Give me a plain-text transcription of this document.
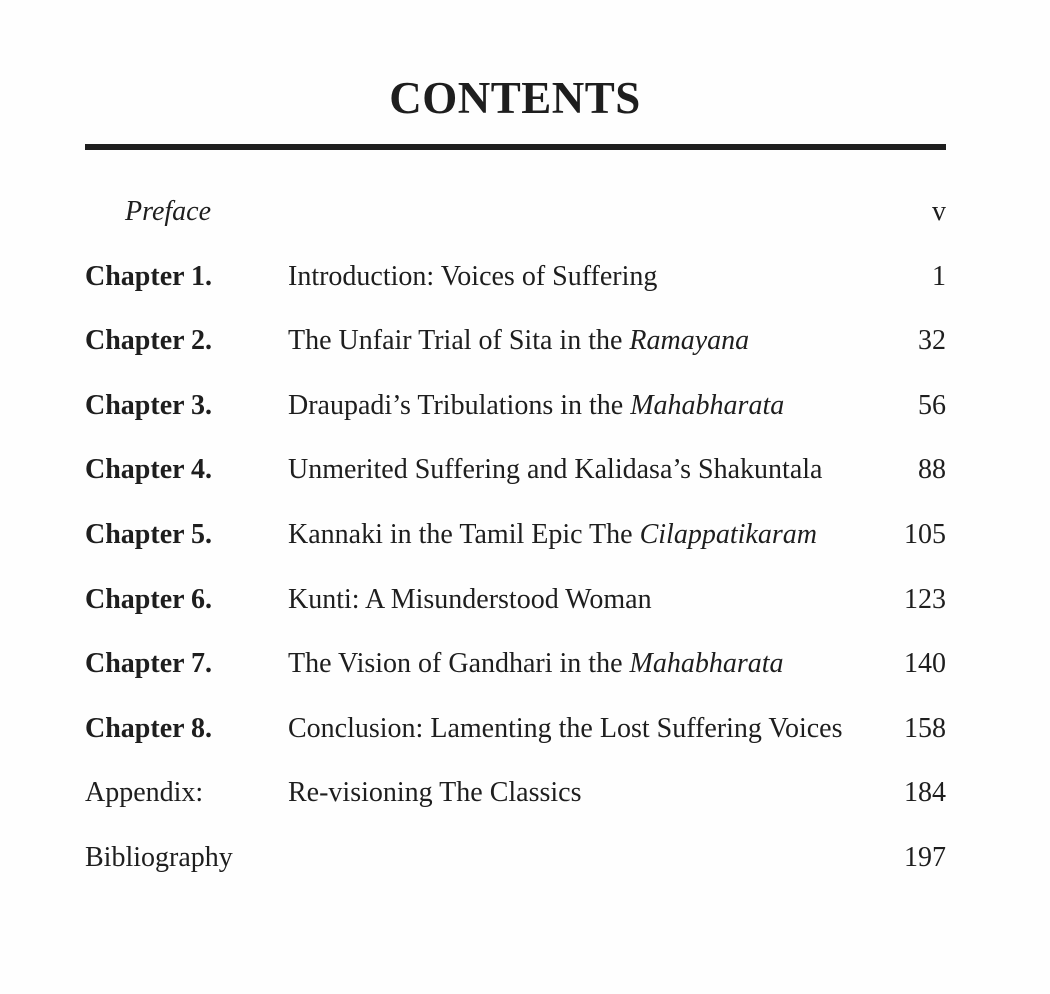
CONTENTS
Preface	v
Chapter 1.	Introduction: Voices of Suffering	1
Chapter 2.	The Unfair Trial of Sita in the Ramayana	32
Chapter 3.	Draupadi’s Tribulations in the Mahabharata	56
Chapter 4.	Unmerited Suffering and Kalidasa’s Shakuntala	88
Chapter 5.	Kannaki in the Tamil Epic The Cilappatikaram	105
Chapter 6.	Kunti: A Misunderstood Woman	123
Chapter 7.	The Vision of Gandhari in the Mahabharata	140
Chapter 8.	Conclusion: Lamenting the Lost Suffering Voices 158
Appendix:	Re-visioning The Classics	184
Bibliography	197
